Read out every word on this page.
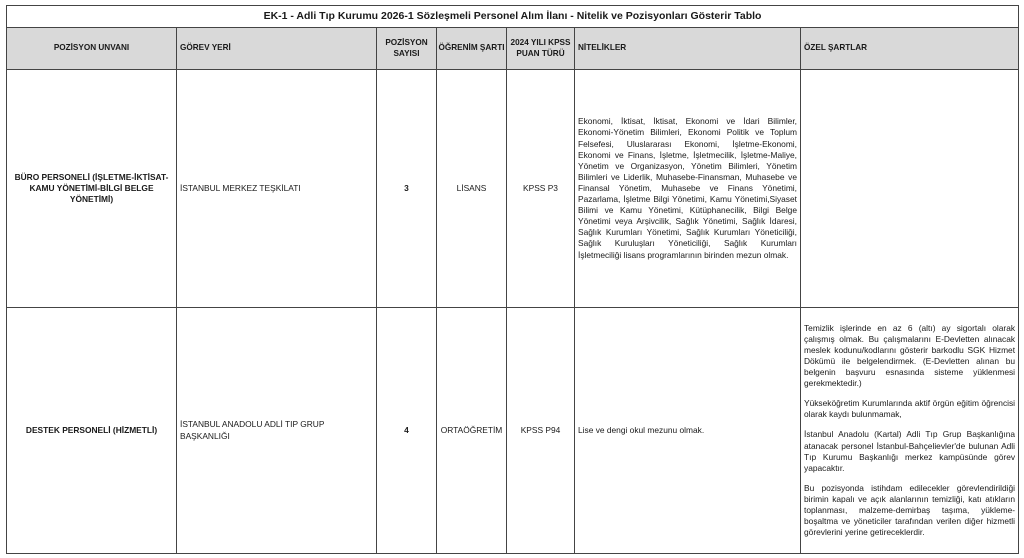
EK-1 - Adli Tıp Kurumu 2026-1 Sözleşmeli Personel Alım İlanı - Nitelik ve Pozisyonları Gösterir Tablo						
POZİSYON UNVANI	GÖREV YERİ	POZİSYON SAYISI	ÖĞRENİM ŞARTI	2024 YILI KPSS PUAN TÜRÜ	NİTELİKLER	ÖZEL ŞARTLAR
BÜRO PERSONELİ (İŞLETME-İKTİSAT-KAMU YÖNETİMİ-BİLGİ BELGE YÖNETİMİ)	İSTANBUL MERKEZ TEŞKİLATI	3	LİSANS	KPSS P3	Ekonomi, İktisat, İktisat, Ekonomi ve İdari Bilimler, Ekonomi-Yönetim Bilimleri, Ekonomi Politik ve Toplum Felsefesi, Uluslararası Ekonomi, İşletme-Ekonomi, Ekonomi ve Finans, İşletme, İşletmecilik, İşletme-Maliye, Yönetim ve Organizasyon, Yönetim Bilimleri, Yönetim Bilimleri ve Liderlik, Muhasebe-Finansman, Muhasebe ve Finansal Yönetim, Muhasebe ve Finans Yönetimi, Pazarlama, İşletme Bilgi Yönetimi, Kamu Yönetimi,Siyaset Bilimi ve Kamu Yönetimi, Kütüphanecilik, Bilgi Belge Yönetimi veya Arşivcilik, Sağlık Yönetimi, Sağlık İdaresi, Sağlık Kurumları Yönetimi, Sağlık Kurumları Yöneticiliği, Sağlık Kuruluşları Yöneticiliği, Sağlık Kurumları İşletmeciliği lisans programlarının birinden mezun olmak.	
DESTEK PERSONELİ (HİZMETLİ)	İSTANBUL ANADOLU ADLİ TIP GRUP BAŞKANLIĞI	4	ORTAÖĞRETİM	KPSS P94	Lise ve dengi okul mezunu olmak.	Temizlik işlerinde en az 6 (altı) ay sigortalı olarak çalışmış olmak. Bu çalışmalarını E-Devletten alınacak meslek kodunu/kodlarını gösterir barkodlu SGK Hizmet Dökümü ile belgelendirmek. (E-Devletten alınan bu belgenin başvuru esnasında sisteme yüklenmesi gerekmektedir.)

Yükseköğretim Kurumlarında aktif örgün eğitim öğrencisi olarak kaydı bulunmamak,

İstanbul Anadolu (Kartal) Adli Tıp Grup Başkanlığına atanacak personel İstanbul-Bahçelievler'de bulunan Adli Tıp Kurumu Başkanlığı merkez kampüsünde görev yapacaktır.

Bu pozisyonda istihdam edilecekler görevlendirildiği birimin kapalı ve açık alanlarının temizliği, katı atıkların toplanması, malzeme-demirbaş taşıma, yükleme-boşaltma ve yöneticiler tarafından verilen diğer hizmetli görevlerini yerine getireceklerdir.
